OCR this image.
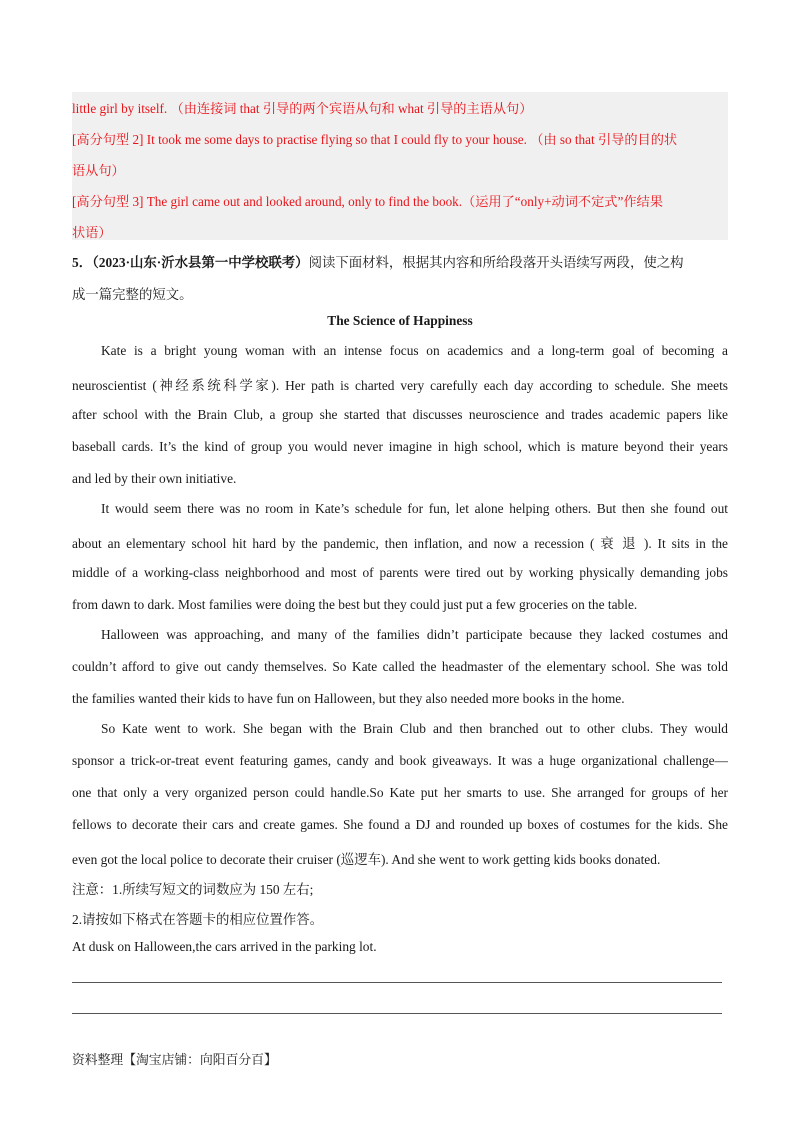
little girl by itself. （由连接词 that 引导的两个宾语从句和 what 引导的主语从句）
[高分句型 2] It took me some days to practise flying so that I could fly to your house. （由 so that 引导的目的状
语从句）
[高分句型 3] The girl came out and looked around, only to find the book.（运用了“only+动词不定式”作结果
状语）
5．（2023·山东·沂水县第一中学校联考）阅读下面材料，根据其内容和所给段落开头语续写两段，使之构
成一篇完整的短文。
The Science of Happiness
Kate is a bright young woman with an intense focus on academics and a long-term goal of becoming a
neuroscientist (神经系统科学家). Her path is charted very carefully each day according to schedule. She meets
after school with the Brain Club, a group she started that discusses neuroscience and trades academic papers like
baseball cards. It’s the kind of group you would never imagine in high school, which is mature beyond their years
and led by their own initiative.
It would seem there was no room in Kate’s schedule for fun, let alone helping others. But then she found out
about an elementary school hit hard by the pandemic, then inflation, and now a recession ( 衰 退 ). It sits in the
middle of a working-class neighborhood and most of parents were tired out by working physically demanding jobs
from dawn to dark. Most families were doing the best but they could just put a few groceries on the table.
Halloween was approaching, and many of the families didn’t participate because they lacked costumes and
couldn’t afford to give out candy themselves. So Kate called the headmaster of the elementary school. She was told
the families wanted their kids to have fun on Halloween, but they also needed more books in the home.
So Kate went to work. She began with the Brain Club and then branched out to other clubs. They would
sponsor a trick-or-treat event featuring games, candy and book giveaways. It was a huge organizational challenge—
one that only a very organized person could handle.So Kate put her smarts to use. She arranged for groups of her
fellows to decorate their cars and create games. She found a DJ and rounded up boxes of costumes for the kids. She
even got the local police to decorate their cruiser (巡逻车). And she went to work getting kids books donated.
注意：1.所续写短文的词数应为 150 左右;
2.请按如下格式在答题卡的相应位置作答。
At dusk on Halloween,the cars arrived in the parking lot.
资料整理【淘宝店铺：向阳百分百】
